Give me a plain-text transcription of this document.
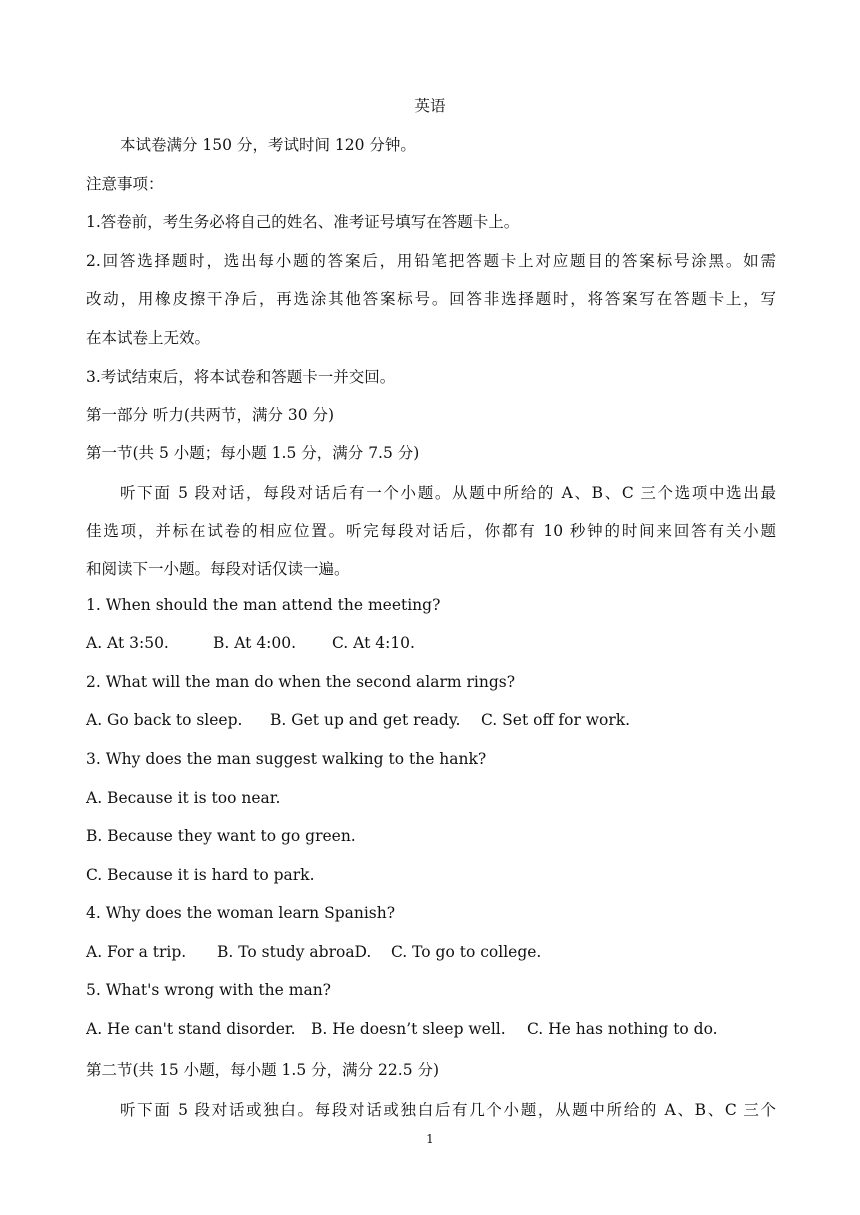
英语
本试卷满分 150 分，考试时间 120 分钟。
注意事项：
1.答卷前，考生务必将自己的姓名、准考证号填写在答题卡上。
2.回答选择题时，选出每小题的答案后，用铅笔把答题卡上对应题目的答案标号涂黑。如需
改动，用橡皮擦干净后，再选涂其他答案标号。回答非选择题时，将答案写在答题卡上，写
在本试卷上无效。
3.考试结束后，将本试卷和答题卡一并交回。
第一部分 听力(共两节，满分 30 分)
第一节(共 5 小题；每小题 1.5 分，满分 7.5 分)
听下面 5 段对话，每段对话后有一个小题。从题中所给的 A、B、C 三个选项中选出最
佳选项，并标在试卷的相应位置。听完每段对话后，你都有 10 秒钟的时间来回答有关小题
和阅读下一小题。每段对话仅读一遍。
1. When should the man attend the meeting?
A. At 3:50.	B. At 4:00. C. At 4:10.
2. What will the man do when the second alarm rings?
A. Go back to sleep. B. Get up and get ready. C. Set off for work.
3. Why does the man suggest walking to the hank?
A. Because it is too near.
B. Because they want to go green.
C. Because it is hard to park.
4. Why does the woman learn Spanish?
A. For a trip. B. To study abroaD. C. To go to college.
5. What's wrong with the man?
A. He can't stand disorder. B. He doesn’t sleep well. C. He has nothing to do.
第二节(共 15 小题，每小题 1.5 分，满分 22.5 分)
听下面 5 段对话或独白。每段对话或独白后有几个小题，从题中所给的 A、B、C 三个
1
